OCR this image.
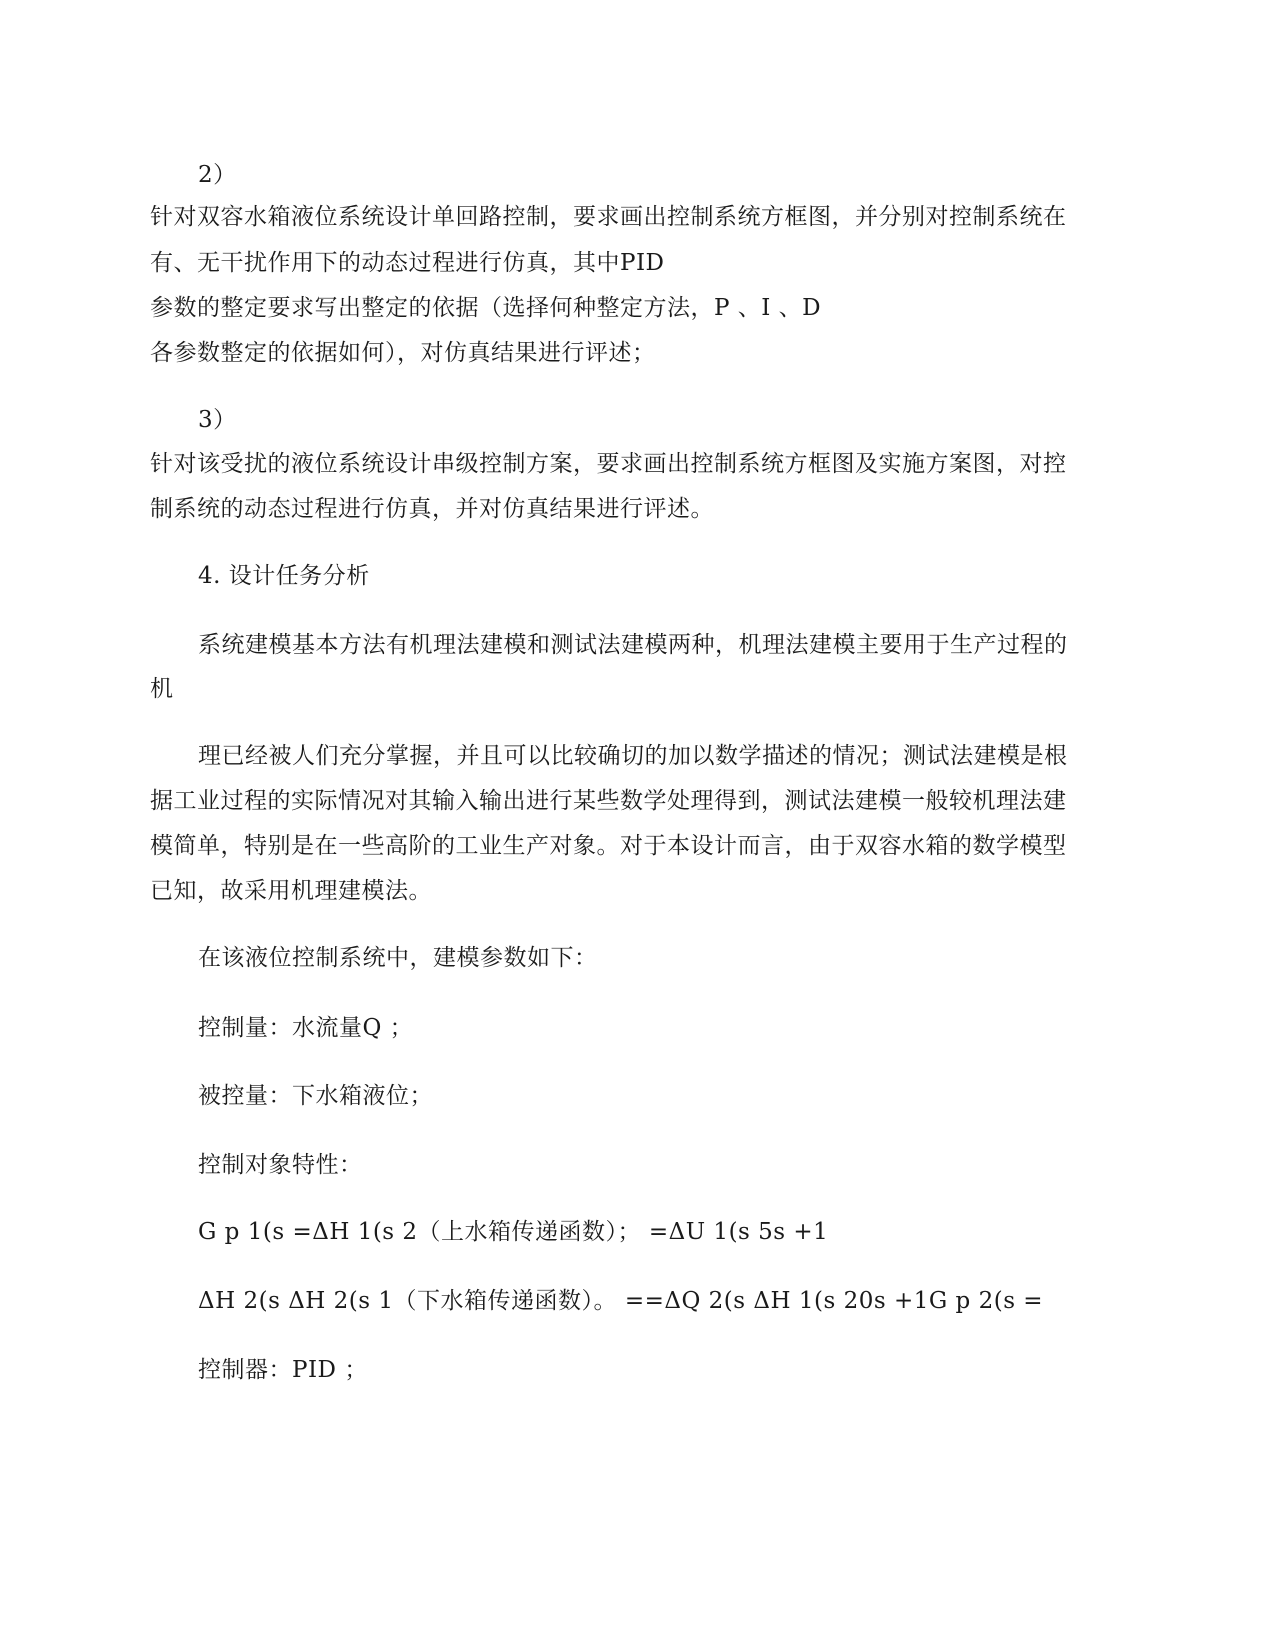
2）
针对双容水箱液位系统设计单回路控制，要求画出控制系统方框图，并分别对控制系统在
有、无干扰作用下的动态过程进行仿真，其中PID
参数的整定要求写出整定的依据（选择何种整定方法，P 、I 、D
各参数整定的依据如何），对仿真结果进行评述；
3）
针对该受扰的液位系统设计串级控制方案，要求画出控制系统方框图及实施方案图，对控
制系统的动态过程进行仿真，并对仿真结果进行评述。
4. 设计任务分析
系统建模基本方法有机理法建模和测试法建模两种，机理法建模主要用于生产过程的
机
理已经被人们充分掌握，并且可以比较确切的加以数学描述的情况；测试法建模是根
据工业过程的实际情况对其输入输出进行某些数学处理得到，测试法建模一般较机理法建
模简单，特别是在一些高阶的工业生产对象。对于本设计而言，由于双容水箱的数学模型
已知，故采用机理建模法。
在该液位控制系统中，建模参数如下：
控制量：水流量Q ；
被控量：下水箱液位；
控制对象特性：
G p 1(s =ΔH 1(s 2（上水箱传递函数）； =ΔU 1(s 5s +1
ΔH 2(s ΔH 2(s 1（下水箱传递函数）。 ==ΔQ 2(s ΔH 1(s 20s +1G p 2(s =
控制器：PID ；
